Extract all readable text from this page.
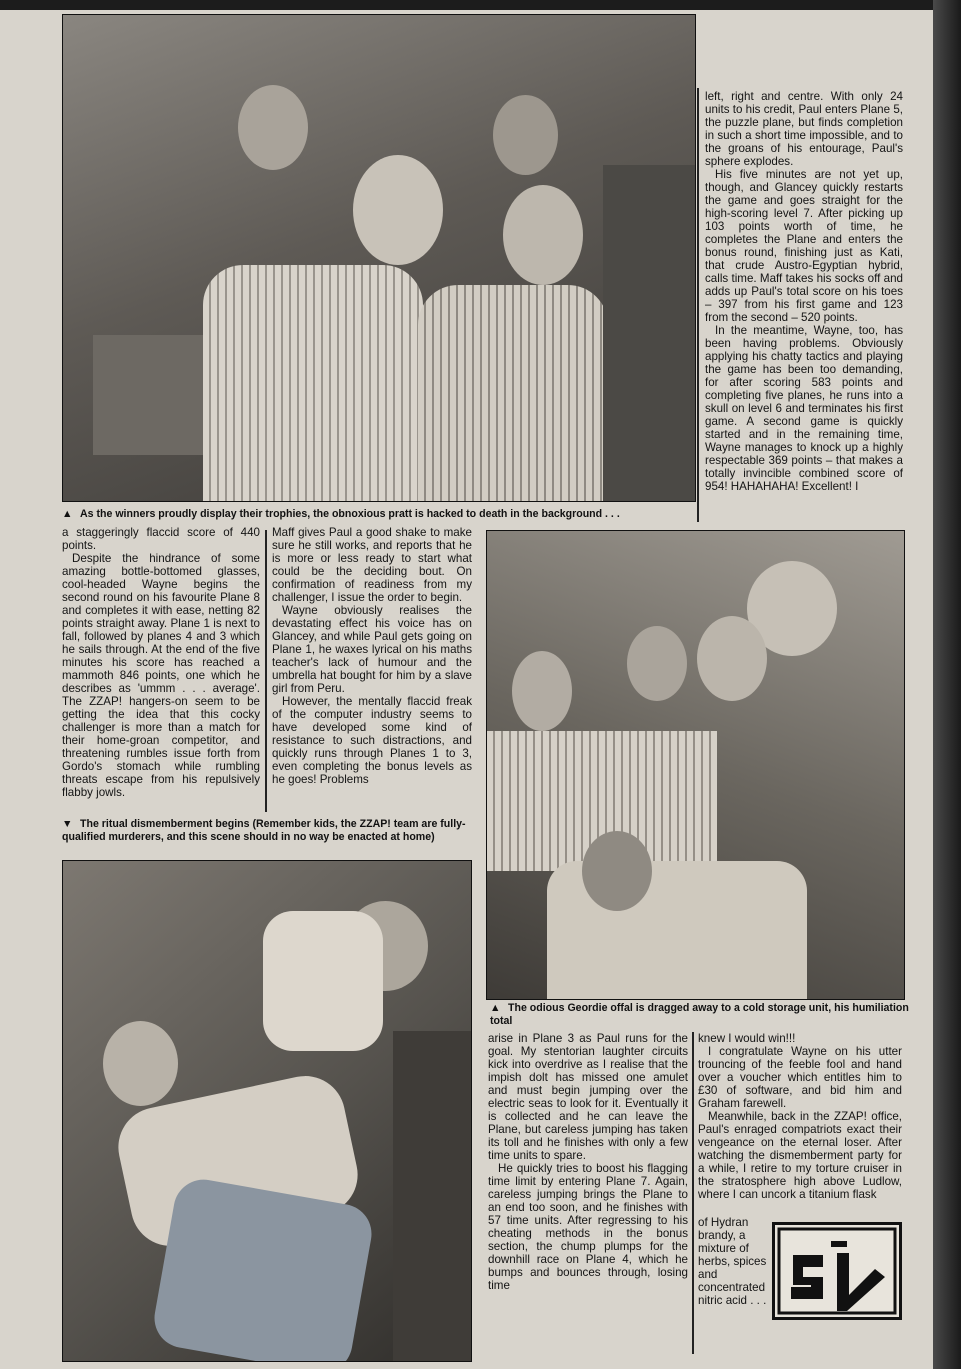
▲ As the winners proudly display their trophies, the obnoxious pratt is hacked to death in the background . . .

left, right and centre. With only 24 units to his credit, Paul enters Plane 5, the puzzle plane, but finds completion in such a short time impossible, and to the groans of his entourage, Paul's sphere explodes.

His five minutes are not yet up, though, and Glancey quickly restarts the game and goes straight for the high-scoring level 7. After picking up 103 points worth of time, he completes the Plane and enters the bonus round, finishing just as Kati, that crude Austro-Egyptian hybrid, calls time. Maff takes his socks off and adds up Paul's total score on his toes – 397 from his first game and 123 from the second – 520 points.

In the meantime, Wayne, too, has been having problems. Obviously applying his chatty tactics and playing the game has been too demanding, for after scoring 583 points and completing five planes, he runs into a skull on level 6 and terminates his first game. A second game is quickly started and in the remaining time, Wayne manages to knock up a highly respectable 369 points – that makes a totally invincible combined score of 954! HAHAHAHA! Excellent! I

a staggeringly flaccid score of 440 points.

Despite the hindrance of some amazing bottle-bottomed glasses, cool-headed Wayne begins the second round on his favourite Plane 8 and completes it with ease, netting 82 points straight away. Plane 1 is next to fall, followed by planes 4 and 3 which he sails through. At the end of the five minutes his score has reached a mammoth 846 points, one which he describes as 'ummm . . . average'. The ZZAP! hangers-on seem to be getting the idea that this cocky challenger is more than a match for their home-groan competitor, and threatening rumbles issue forth from Gordo's stomach while rumbling threats escape from his repulsively flabby jowls.

Maff gives Paul a good shake to make sure he still works, and reports that he is more or less ready to start what could be the deciding bout. On confirmation of readiness from my challenger, I issue the order to begin.

Wayne obviously realises the devastating effect his voice has on Glancey, and while Paul gets going on Plane 1, he waxes lyrical on his maths teacher's lack of humour and the umbrella hat bought for him by a slave girl from Peru.

However, the mentally flaccid freak of the computer industry seems to have developed some kind of resistance to such distractions, and quickly runs through Planes 1 to 3, even completing the bonus levels as he goes! Problems

▼ The ritual dismemberment begins (Remember kids, the ZZAP! team are fully-qualified murderers, and this scene should in no way be enacted at home)
▲ The odious Geordie offal is dragged away to a cold storage unit, his humiliation total

arise in Plane 3 as Paul runs for the goal. My stentorian laughter circuits kick into overdrive as I realise that the impish dolt has missed one amulet and must begin jumping over the electric seas to look for it. Eventually it is collected and he can leave the Plane, but careless jumping has taken its toll and he finishes with only a few time units to spare.

He quickly tries to boost his flagging time limit by entering Plane 7. Again, careless jumping brings the Plane to an end too soon, and he finishes with 57 time units. After regressing to his cheating methods in the bonus section, the chump plumps for the downhill race on Plane 4, which he bumps and bounces through, losing time

knew I would win!!!

I congratulate Wayne on his utter trouncing of the feeble fool and hand over a voucher which entitles him to £30 of software, and bid him and Graham farewell.

Meanwhile, back in the ZZAP! office, Paul's enraged compatriots exact their vengeance on the eternal loser. After watching the dismemberment party for a while, I retire to my torture cruiser in the stratosphere high above Ludlow, where I can uncork a titanium flask

of Hydran brandy, a mixture of herbs, spices and concentrated nitric acid . . .
